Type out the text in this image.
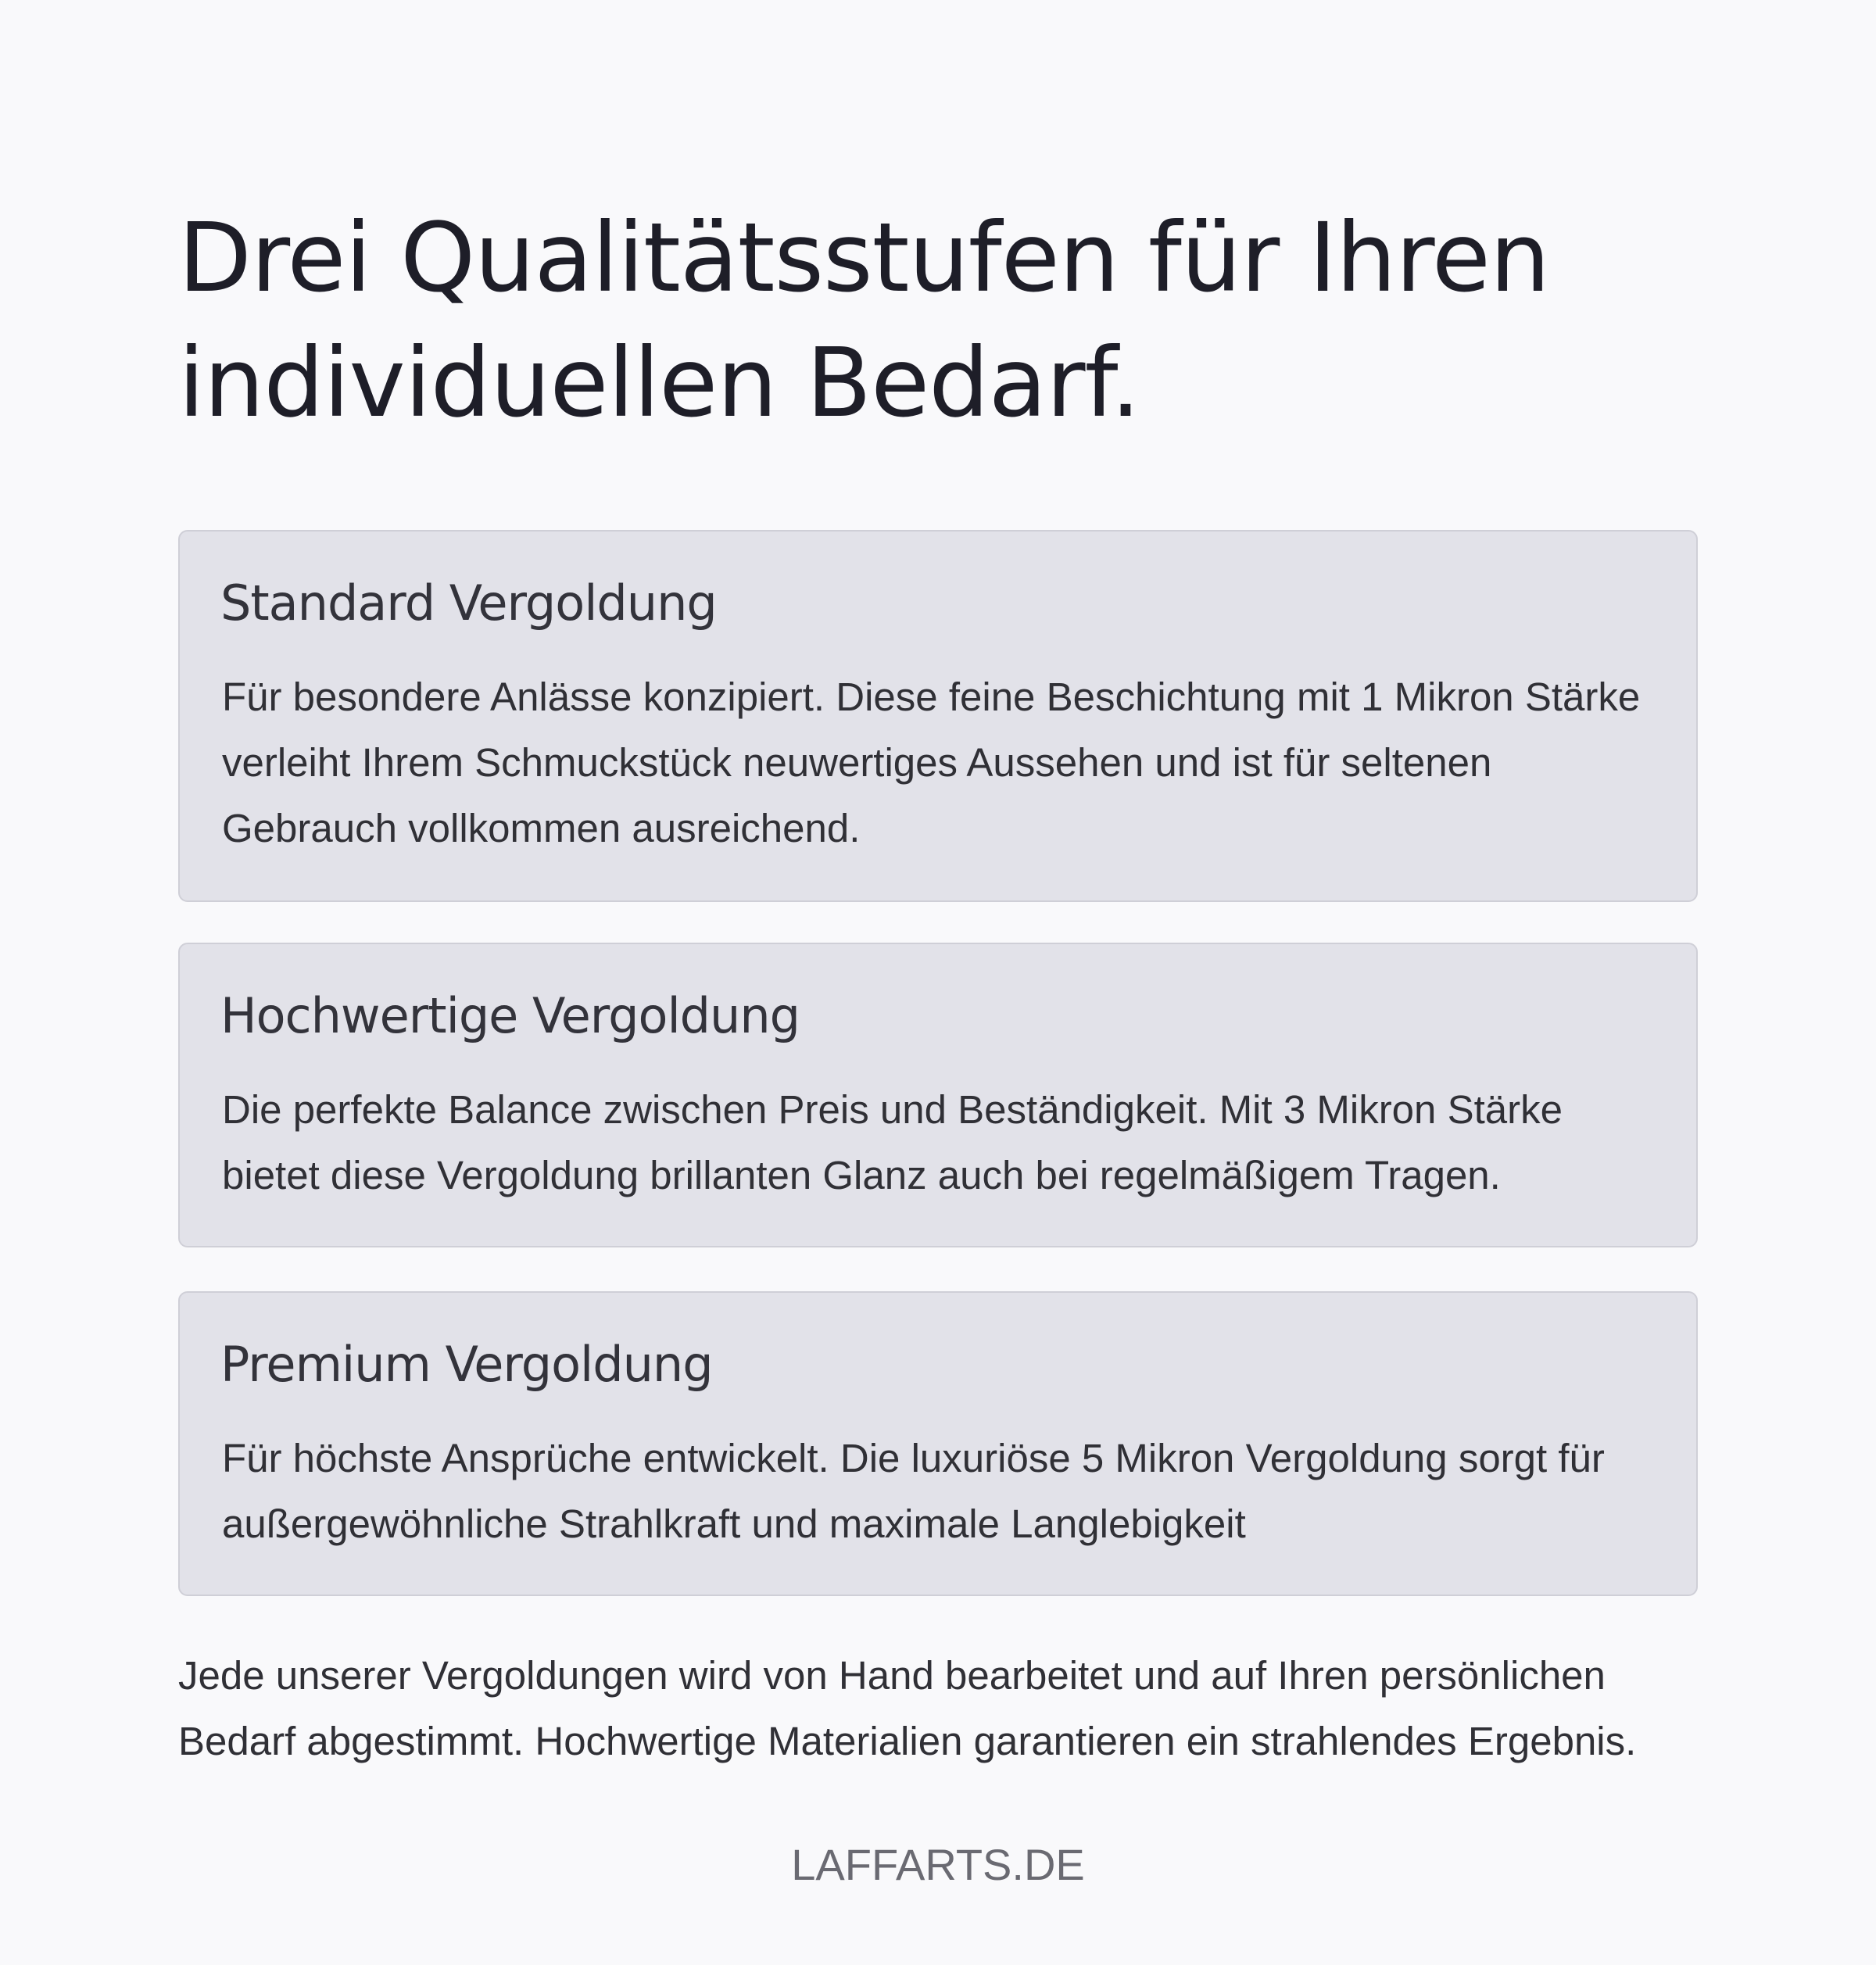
Drei Qualitätsstufen für Ihren
individuellen Bedarf.
Standard Vergoldung

Für besondere Anlässe konzipiert. Diese feine Beschichtung mit 1 Mikron Stärke verleiht Ihrem Schmuckstück neuwertiges Aussehen und ist für seltenen Gebrauch vollkommen ausreichend.

Hochwertige Vergoldung

Die perfekte Balance zwischen Preis und Beständigkeit. Mit 3 Mikron Stärke bietet diese Vergoldung brillanten Glanz auch bei regelmäßigem Tragen.

Premium Vergoldung

Für höchste Ansprüche entwickelt. Die luxuriöse 5 Mikron Vergoldung sorgt für außergewöhnliche Strahlkraft und maximale Langlebigkeit

Jede unserer Vergoldungen wird von Hand bearbeitet und auf Ihren persönlichen Bedarf abgestimmt. Hochwertige Materialien garantieren ein strahlendes Ergebnis.

LAFFARTS.DE
